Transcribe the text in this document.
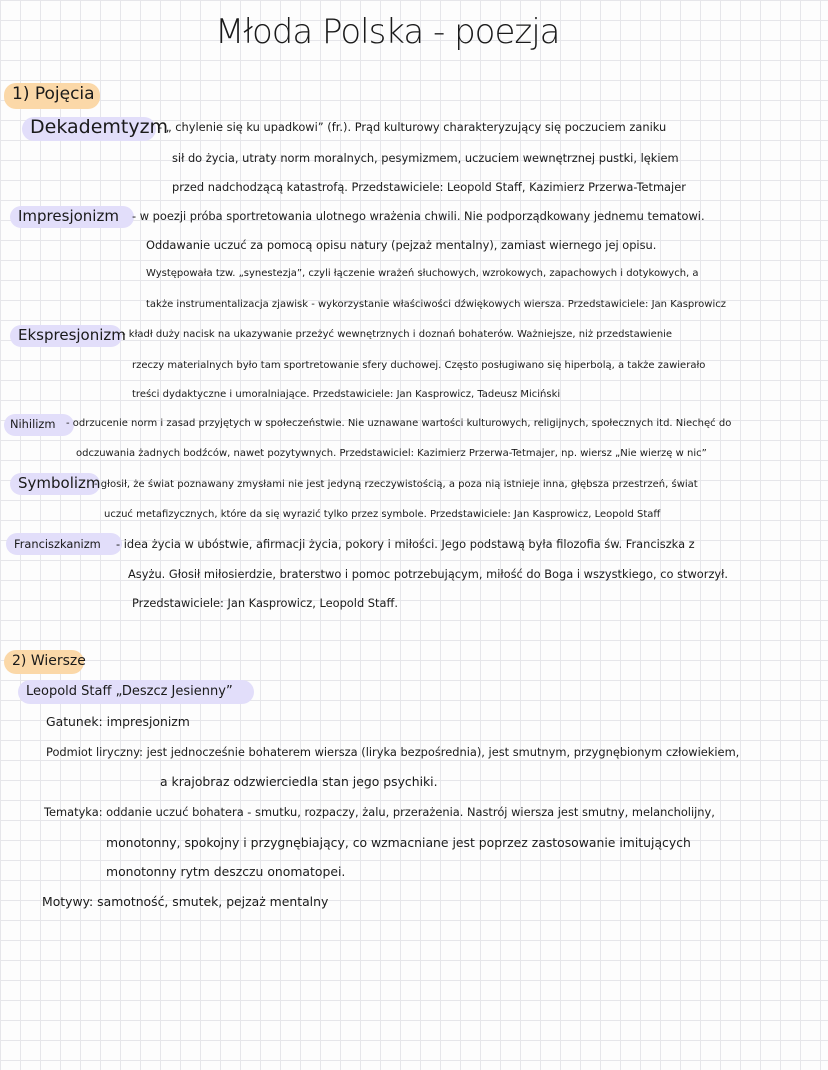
Młoda Polska - poezja
1) Pojęcia
Dekademtyzm
- „ chylenie się ku upadkowi” (fr.). Prąd kulturowy charakteryzujący się poczuciem zaniku
sił do życia, utraty norm moralnych, pesymizmem, uczuciem wewnętrznej pustki, lękiem
przed nadchodzącą katastrofą. Przedstawiciele: Leopold Staff, Kazimierz Przerwa-Tetmajer
Impresjonizm - w poezji próba sportretowania ulotnego wrażenia chwili. Nie podporządkowany jednemu tematowi.
Oddawanie uczuć za pomocą opisu natury (pejzaż mentalny), zamiast wiernego jej opisu.
Występowała tzw. „synestezja”, czyli łączenie wrażeń słuchowych, wzrokowych, zapachowych i dotykowych, a
także instrumentalizacja zjawisk - wykorzystanie właściwości dźwiękowych wiersza. Przedstawiciele: Jan Kasprowicz
Ekspresjonizm
- kładł duży nacisk na ukazywanie przeżyć wewnętrznych i doznań bohaterów. Ważniejsze, niż przedstawienie
rzeczy materialnych było tam sportretowanie sfery duchowej. Często posługiwano się hiperbolą, a także zawierało
treści dydaktyczne i umoralniające. Przedstawiciele: Jan Kasprowicz, Tadeusz Miciński
Nihilizm - odrzucenie norm i zasad przyjętych w społeczeństwie. Nie uznawane wartości kulturowych, religijnych, społecznych itd. Niechęć do
odczuwania żadnych bodźców, nawet pozytywnych. Przedstawiciel: Kazimierz Przerwa-Tetmajer, np. wiersz „Nie wierzę w nic”
Symbolizm
- głosił, że świat poznawany zmysłami nie jest jedyną rzeczywistością, a poza nią istnieje inna, głębsza przestrzeń, świat
uczuć metafizycznych, które da się wyrazić tylko przez symbole. Przedstawiciele: Jan Kasprowicz, Leopold Staff
Franciszkanizm - idea życia w ubóstwie, afirmacji życia, pokory i miłości. Jego podstawą była filozofia św. Franciszka z
Asyżu. Głosił miłosierdzie, braterstwo i pomoc potrzebującym, miłość do Boga i wszystkiego, co stworzył.
Przedstawiciele: Jan Kasprowicz, Leopold Staff.
2) Wiersze
Leopold Staff „Deszcz Jesienny”
Gatunek: impresjonizm
Podmiot liryczny: jest jednocześnie bohaterem wiersza (liryka bezpośrednia), jest smutnym, przygnębionym człowiekiem,
a krajobraz odzwierciedla stan jego psychiki.
Tematyka: oddanie uczuć bohatera - smutku, rozpaczy, żalu, przerażenia. Nastrój wiersza jest smutny, melancholijny,
monotonny, spokojny i przygnębiający, co wzmacniane jest poprzez zastosowanie imitujących
monotonny rytm deszczu onomatopei.
Motywy: samotność, smutek, pejzaż mentalny
